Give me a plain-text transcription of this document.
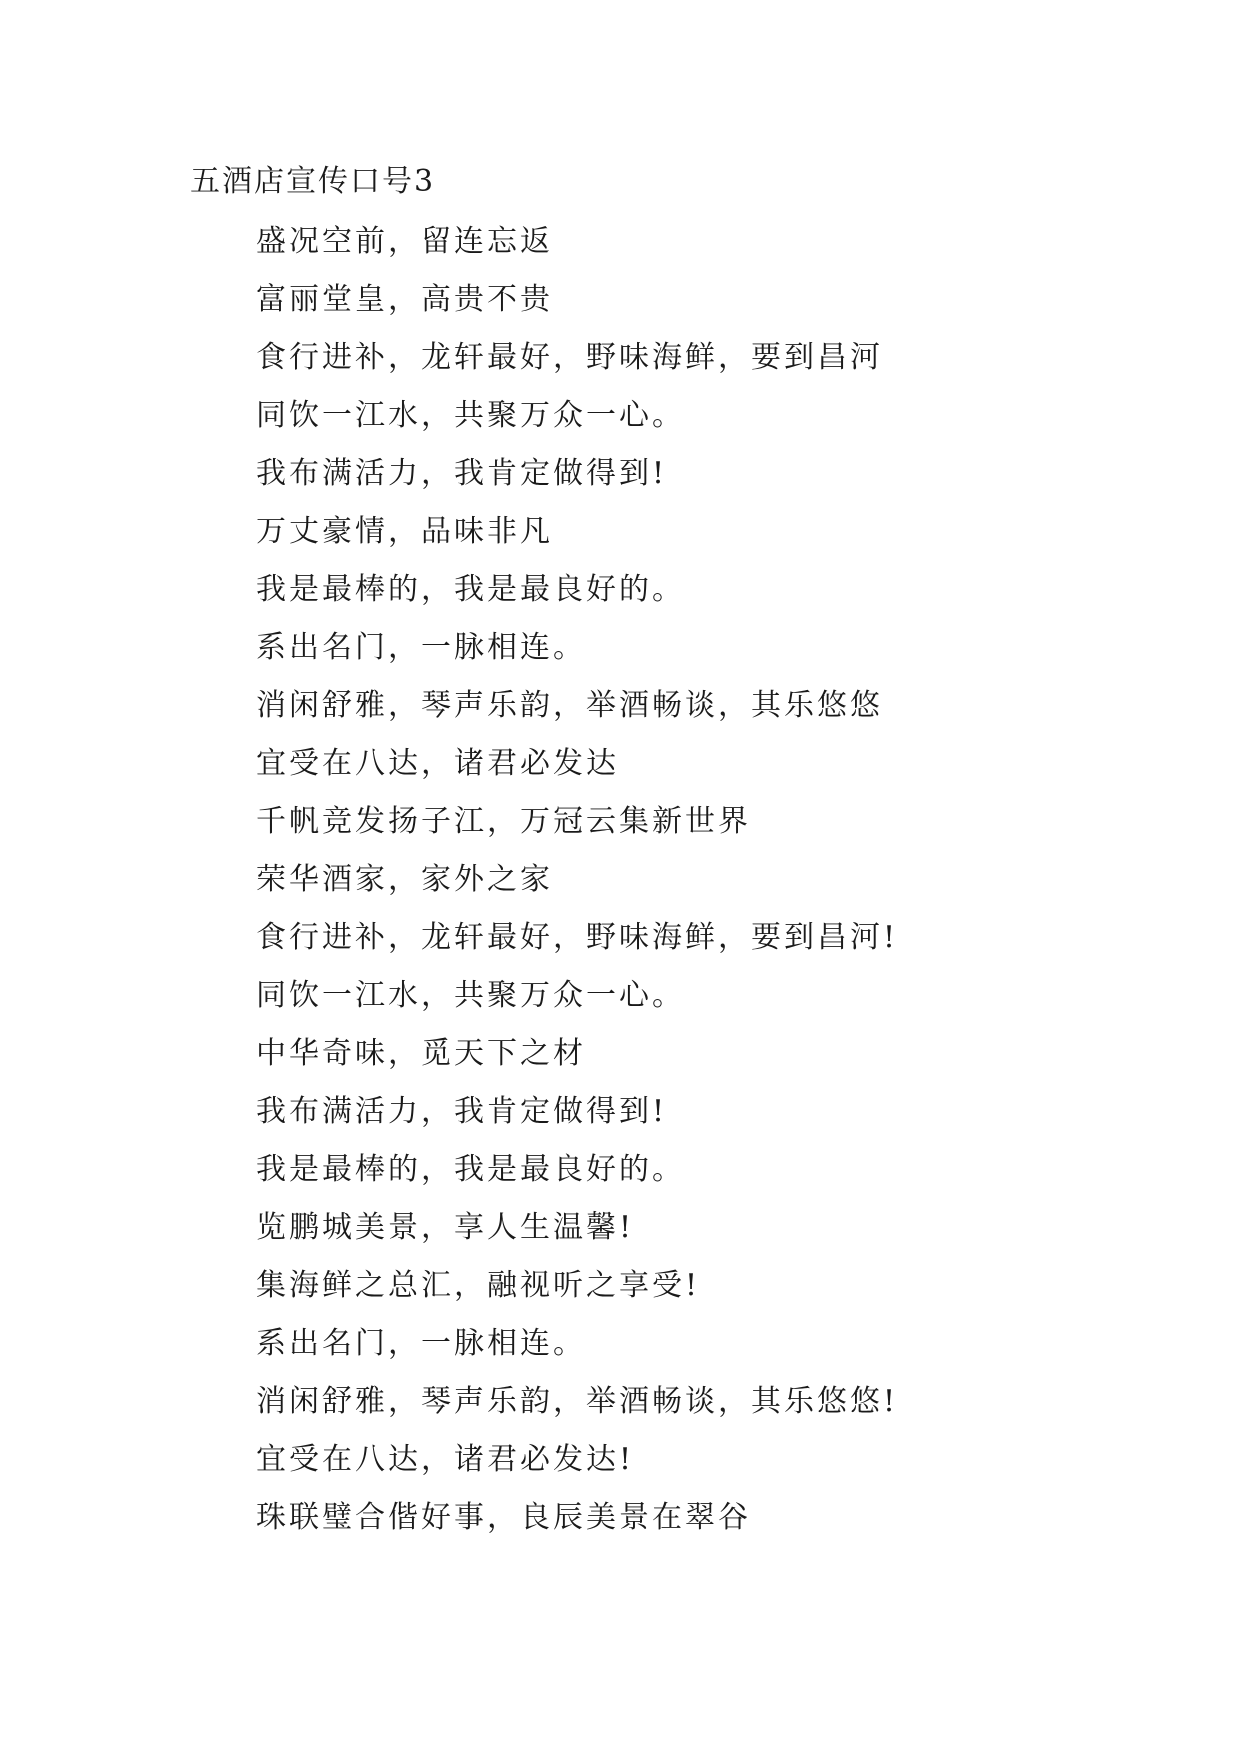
五酒店宣传口号3
盛况空前，留连忘返
富丽堂皇，高贵不贵
食行进补，龙轩最好，野味海鲜，要到昌河
同饮一江水，共聚万众一心。
我布满活力，我肯定做得到!
万丈豪情，品味非凡
我是最棒的，我是最良好的。
系出名门，一脉相连。
消闲舒雅，琴声乐韵，举酒畅谈，其乐悠悠
宜受在八达，诸君必发达
千帆竞发扬子江，万冠云集新世界
荣华酒家，家外之家
食行进补，龙轩最好，野味海鲜，要到昌河!
同饮一江水，共聚万众一心。
中华奇味，觅天下之材
我布满活力，我肯定做得到!
我是最棒的，我是最良好的。
览鹏城美景，享人生温馨!
集海鲜之总汇，融视听之享受!
系出名门，一脉相连。
消闲舒雅，琴声乐韵，举酒畅谈，其乐悠悠!
宜受在八达，诸君必发达!
珠联璧合偕好事，良辰美景在翠谷
